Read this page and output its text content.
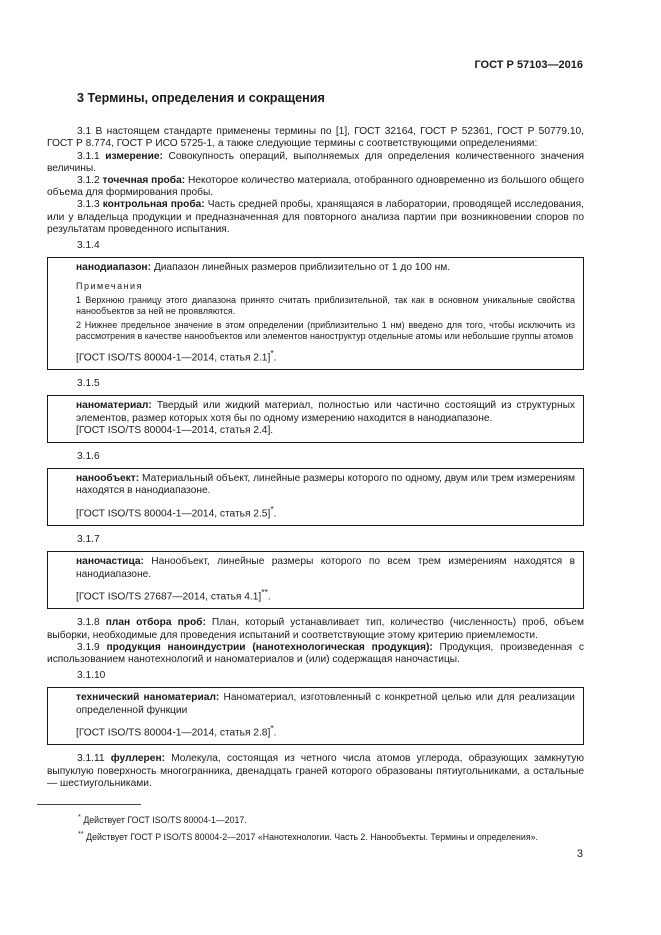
ГОСТ Р 57103—2016
3 Термины, определения и сокращения

3.1 В настоящем стандарте применены термины по [1], ГОСТ 32164, ГОСТ Р 52361, ГОСТ Р 50779.10, ГОСТ Р 8.774, ГОСТ Р ИСО 5725-1, а также следующие термины с соответствующими определениями:

3.1.1 измерение: Совокупность операций, выполняемых для определения количественного значения величины.

3.1.2 точечная проба: Некоторое количество материала, отобранного одновременно из большого общего объема для формирования пробы.

3.1.3 контрольная проба: Часть средней пробы, хранящаяся в лаборатории, проводящей исследования, или у владельца продукции и предназначенная для повторного анализа партии при возникновении споров по результатам проведенного испытания.

3.1.4

нанодиапазон: Диапазон линейных размеров приблизительно от 1 до 100 нм.

Примечания
1 Верхнюю границу этого диапазона принято считать приблизительной, так как в основном уникальные свойства нанообъектов за ней не проявляются.
2 Нижнее предельное значение в этом определении (приблизительно 1 нм) введено для того, чтобы исключить из рассмотрения в качестве нанообъектов или элементов наноструктур отдельные атомы или небольшие группы атомов
[ГОСТ ISO/TS 80004-1—2014, статья 2.1]*.
3.1.5

наноматериал: Твердый или жидкий материал, полностью или частично состоящий из структурных элементов, размер которых хотя бы по одному измерению находится в нанодиапазоне.

[ГОСТ ISO/TS 80004-1—2014, статья 2.4].
3.1.6

нанообъект: Материальный объект, линейные размеры которого по одному, двум или трем измерениям находятся в нанодиапазоне.

[ГОСТ ISO/TS 80004-1—2014, статья 2.5]*.
3.1.7

наночастица: Нанообъект, линейные размеры которого по всем трем измерениям находятся в нанодиапазоне.

[ГОСТ ISO/TS 27687—2014, статья 4.1]**.

3.1.8 план отбора проб: План, который устанавливает тип, количество (численность) проб, объем выборки, необходимые для проведения испытаний и соответствующие этому критерию приемлемости.

3.1.9 продукция наноиндустрии (нанотехнологическая продукция): Продукция, произведенная с использованием нанотехнологий и наноматериалов и (или) содержащая наночастицы.

3.1.10

технический наноматериал: Наноматериал, изготовленный с конкретной целью или для реализации определенной функции

[ГОСТ ISO/TS 80004-1—2014, статья 2.8]*.

3.1.11 фуллерен: Молекула, состоящая из четного числа атомов углерода, образующих замкнутую выпуклую поверхность многогранника, двенадцать граней которого образованы пятиугольниками, а остальные — шестиугольниками.

* Действует ГОСТ ISO/TS 80004-1—2017.
** Действует ГОСТ Р ISO/TS 80004-2—2017 «Нанотехнологии. Часть 2. Нанообъекты. Термины и определения».
3
